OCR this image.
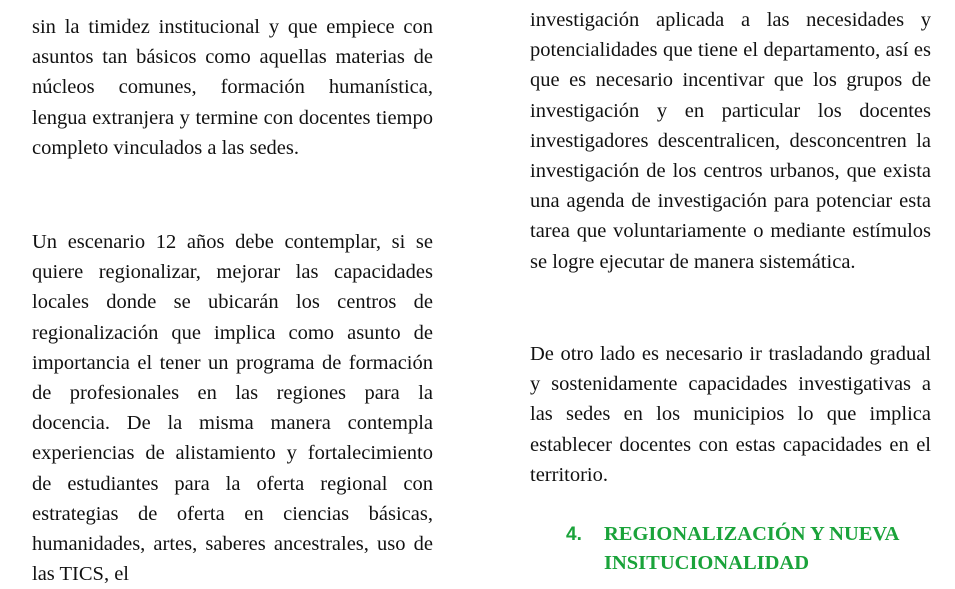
sin la timidez institucional y que empiece con asuntos tan básicos como aquellas materias de núcleos comunes, formación humanística, lengua extranjera y termine con docentes tiempo completo vinculados a las sedes.

Un escenario 12 años debe contemplar, si se quiere regionalizar, mejorar las capacidades locales donde se ubicarán los centros de regionalización que implica como asunto de importancia el tener un programa de formación de profesionales en las regiones para la docencia. De la misma manera contempla experiencias de alistamiento y fortalecimiento de estudiantes para la oferta regional con estrategias de oferta en ciencias básicas, humanidades, artes, saberes ancestrales, uso de las TICS, el

investigación aplicada a las necesidades y potencialidades que tiene el departamento, así es que es necesario incentivar que los grupos de investigación y en particular los docentes investigadores descentralicen, desconcentren la investigación de los centros urbanos, que exista una agenda de investigación para potenciar esta tarea que voluntariamente o mediante estímulos se logre ejecutar de manera sistemática.

De otro lado es necesario ir trasladando gradual y sostenidamente capacidades investigativas a las sedes en los municipios lo que implica establecer docentes con estas capacidades en el territorio.

4. REGIONALIZACIÓN Y NUEVA INSITUCIONALIDAD
